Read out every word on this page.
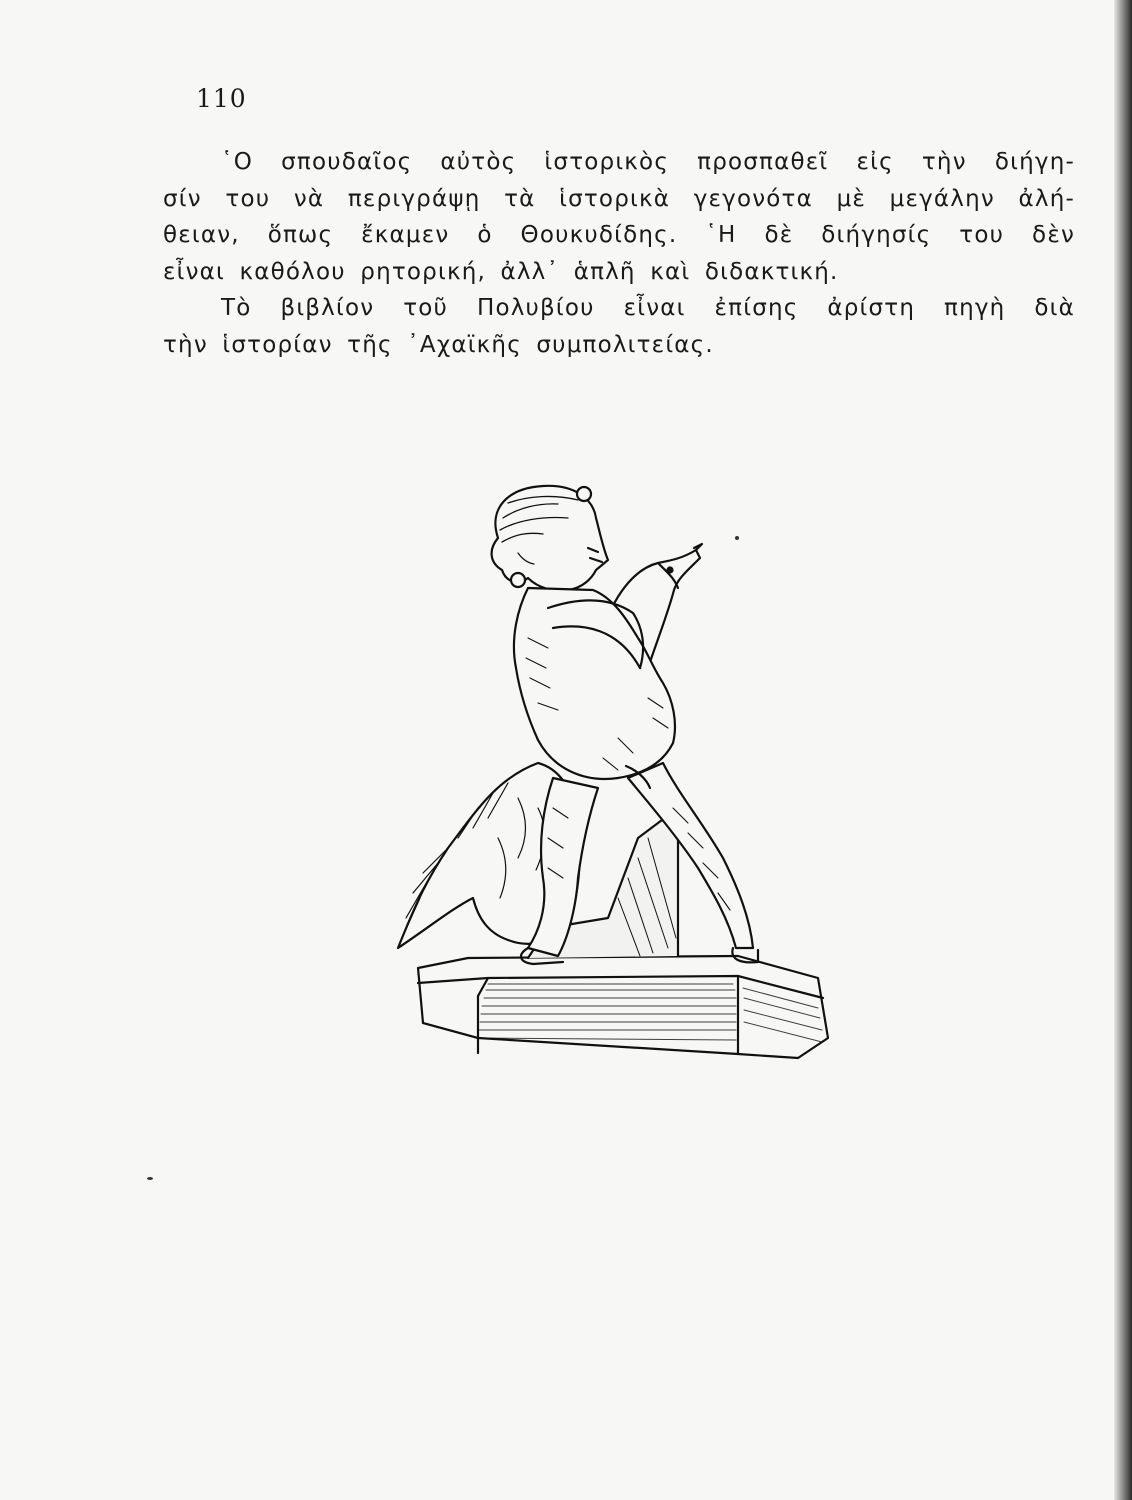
110
῾Ο σπουδαῖος αὐτὸς ἱστορικὸς προσπαθεῖ εἰς τὴν διήγη-
σίν του νὰ περιγράψῃ τὰ ἱστορικὰ γεγονότα μὲ μεγάλην ἀλή-
θειαν, ὅπως ἔκαμεν ὁ Θουκυδίδης. ῾Η δὲ διήγησίς του δὲν
εἶναι καθόλου ρητορική, ἀλλ᾽ ἁπλῆ καὶ διδακτική.
Τὸ βιβλίον τοῦ Πολυβίου εἶναι ἐπίσης ἀρίστη πηγὴ διὰ
τὴν ἱστορίαν τῆς ᾽Αχαϊκῆς συμπολιτείας.
